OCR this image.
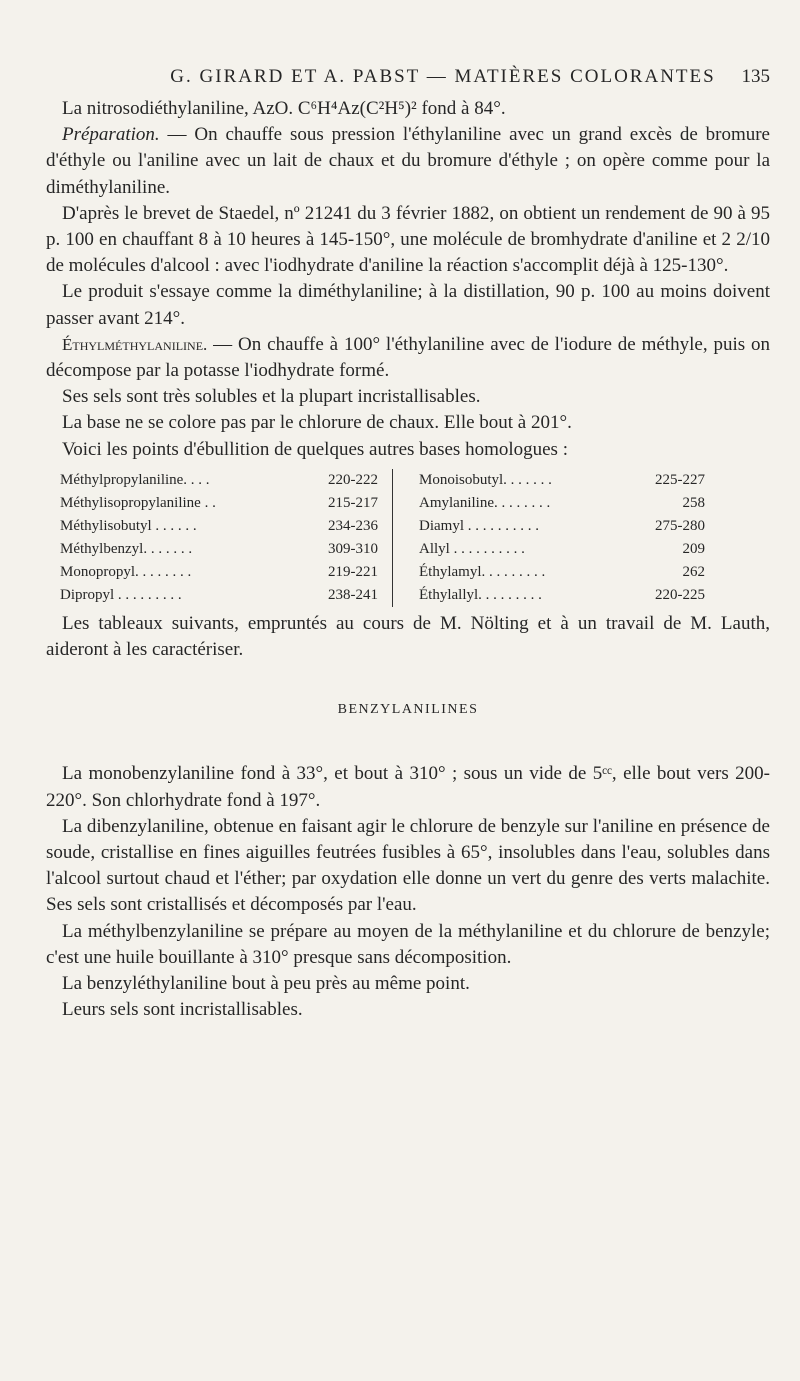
G. GIRARD ET A. PABST — MATIÈRES COLORANTES	135

La nitrosodiéthylaniline, AzO. C⁶H⁴Az(C²H⁵)² fond à 84°.

Préparation. — On chauffe sous pression l'éthylaniline avec un grand excès de bromure d'éthyle ou l'aniline avec un lait de chaux et du bromure d'éthyle ; on opère comme pour la diméthylaniline.

D'après le brevet de Staedel, nº 21241 du 3 février 1882, on obtient un rendement de 90 à 95 p. 100 en chauffant 8 à 10 heures à 145-150°, une molécule de bromhydrate d'aniline et 2 2/10 de molécules d'alcool : avec l'iodhydrate d'aniline la réaction s'accomplit déjà à 125-130°.

Le produit s'essaye comme la diméthylaniline; à la distillation, 90 p. 100 au moins doivent passer avant 214°.

Éthylméthylaniline. — On chauffe à 100° l'éthylaniline avec de l'iodure de méthyle, puis on décompose par la potasse l'iodhydrate formé.

Ses sels sont très solubles et la plupart incristallisables.

La base ne se colore pas par le chlorure de chaux. Elle bout à 201°.

Voici les points d'ébullition de quelques autres bases homologues :

Méthylpropylaniline. . . .	220-222
Méthylisopropylaniline . .	215-217
Méthylisobutyl . . . . . .	234-236
Méthylbenzyl. . . . . . .	309-310
Monopropyl. . . . . . . .	219-221
Dipropyl . . . . . . . . .	238-241
Monoisobutyl. . . . . . .	225-227
Amylaniline. . . . . . . .	258
Diamyl . . . . . . . . . .	275-280
Allyl . . . . . . . . . .	209
Éthylamyl. . . . . . . . .	262
Éthylallyl. . . . . . . . .	220-225

Les tableaux suivants, empruntés au cours de M. Nölting et à un travail de M. Lauth, aideront à les caractériser.

BENZYLANILINES

La monobenzylaniline fond à 33°, et bout à 310° ; sous un vide de 5ᶜᶜ, elle bout vers 200-220°. Son chlorhydrate fond à 197°.

La dibenzylaniline, obtenue en faisant agir le chlorure de benzyle sur l'aniline en présence de soude, cristallise en fines aiguilles feutrées fusibles à 65°, insolubles dans l'eau, solubles dans l'alcool surtout chaud et l'éther; par oxydation elle donne un vert du genre des verts malachite. Ses sels sont cristallisés et décomposés par l'eau.

La méthylbenzylaniline se prépare au moyen de la méthylaniline et du chlorure de benzyle; c'est une huile bouillante à 310° presque sans décomposition.

La benzyléthylaniline bout à peu près au même point.

Leurs sels sont incristallisables.
